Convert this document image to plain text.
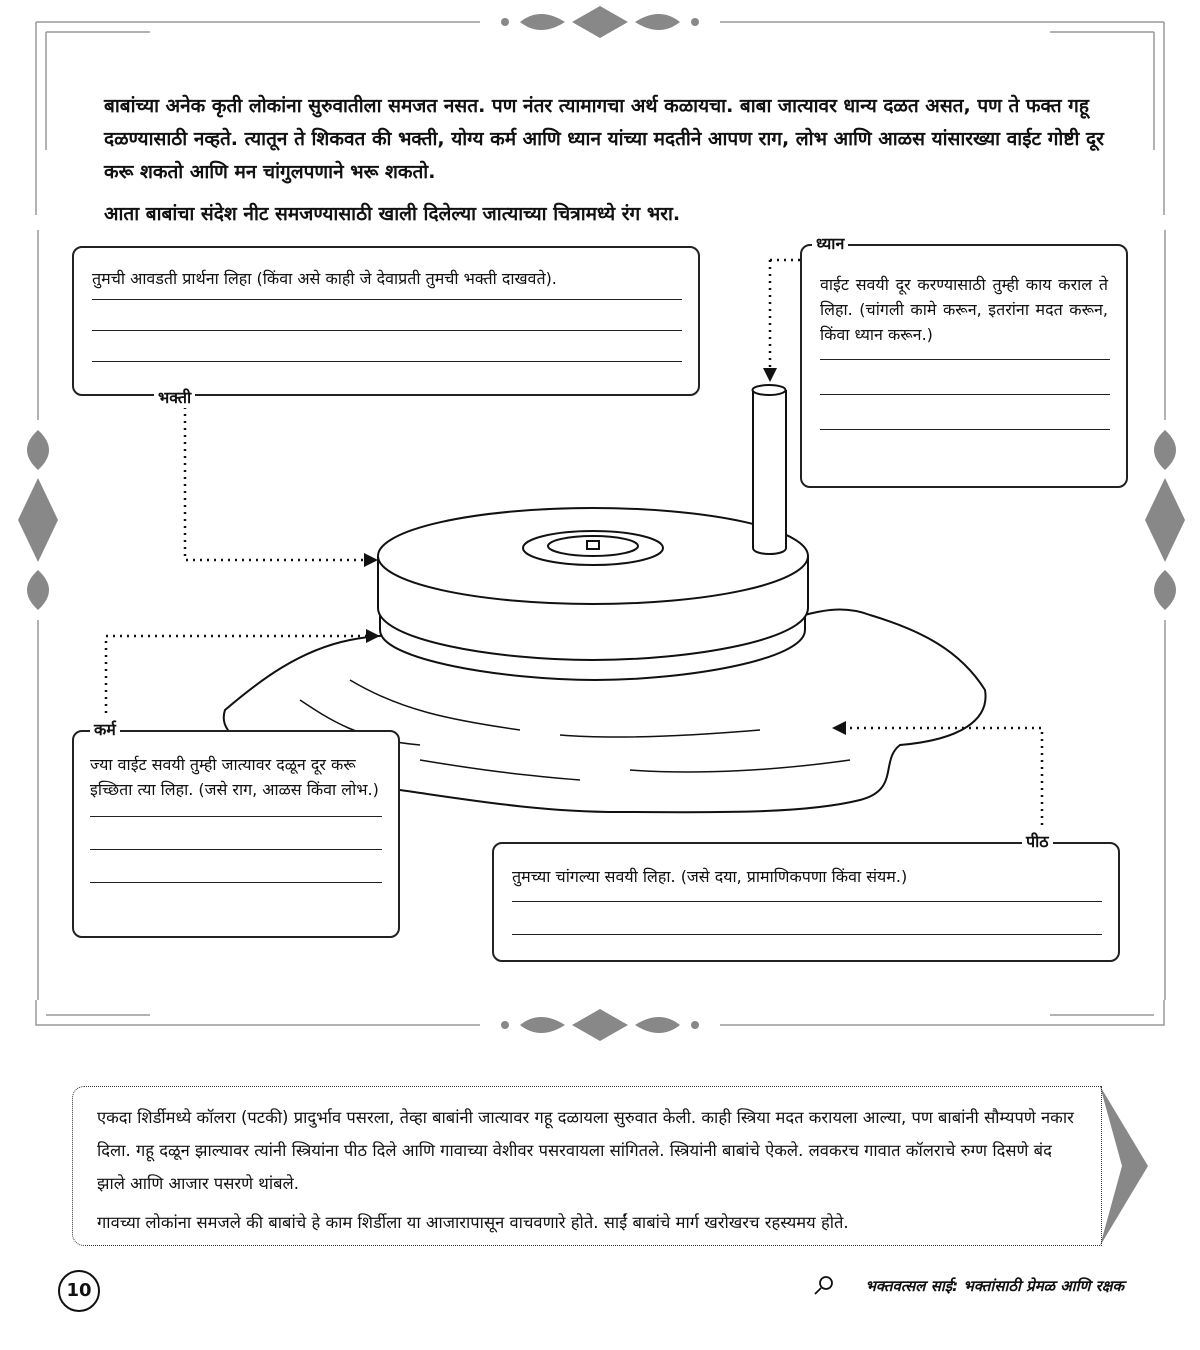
बाबांच्या अनेक कृती लोकांना सुरुवातीला समजत नसत. पण नंतर त्यामागचा अर्थ कळायचा. बाबा जात्यावर धान्य दळत असत, पण ते फक्त गहू दळण्यासाठी नव्हते. त्यातून ते शिकवत की भक्ती, योग्य कर्म आणि ध्यान यांच्या मदतीने आपण राग, लोभ आणि आळस यांसारख्या वाईट गोष्टी दूर करू शकतो आणि मन चांगुलपणाने भरू शकतो.
आता बाबांचा संदेश नीट समजण्यासाठी खाली दिलेल्या जात्याच्या चित्रामध्ये रंग भरा.
तुमची आवडती प्रार्थना लिहा (किंवा असे काही जे देवाप्रती तुमची भक्ती दाखवते).
भक्ती
वाईट सवयी दूर करण्यासाठी तुम्ही काय कराल ते लिहा. (चांगली कामे करून, इतरांना मदत करून, किंवा ध्यान करून.)
ध्यान
ज्या वाईट सवयी तुम्ही जात्यावर दळून दूर करू इच्छिता त्या लिहा. (जसे राग, आळस किंवा लोभ.)
कर्म
तुमच्या चांगल्या सवयी लिहा. (जसे दया, प्रामाणिकपणा किंवा संयम.)
पीठ

एकदा शिर्डीमध्ये कॉलरा (पटकी) प्रादुर्भाव पसरला, तेव्हा बाबांनी जात्यावर गहू दळायला सुरुवात केली. काही स्त्रिया मदत करायला आल्या, पण बाबांनी सौम्यपणे नकार दिला. गहू दळून झाल्यावर त्यांनी स्त्रियांना पीठ दिले आणि गावाच्या वेशीवर पसरवायला सांगितले. स्त्रियांनी बाबांचे ऐकले. लवकरच गावात कॉलराचे रुग्ण दिसणे बंद झाले आणि आजार पसरणे थांबले.

गावच्या लोकांना समजले की बाबांचे हे काम शिर्डीला या आजारापासून वाचवणारे होते. साईं बाबांचे मार्ग खरोखरच रहस्यमय होते.

10	भक्तवत्सल साई: भक्तांसाठी प्रेमळ आणि रक्षक
